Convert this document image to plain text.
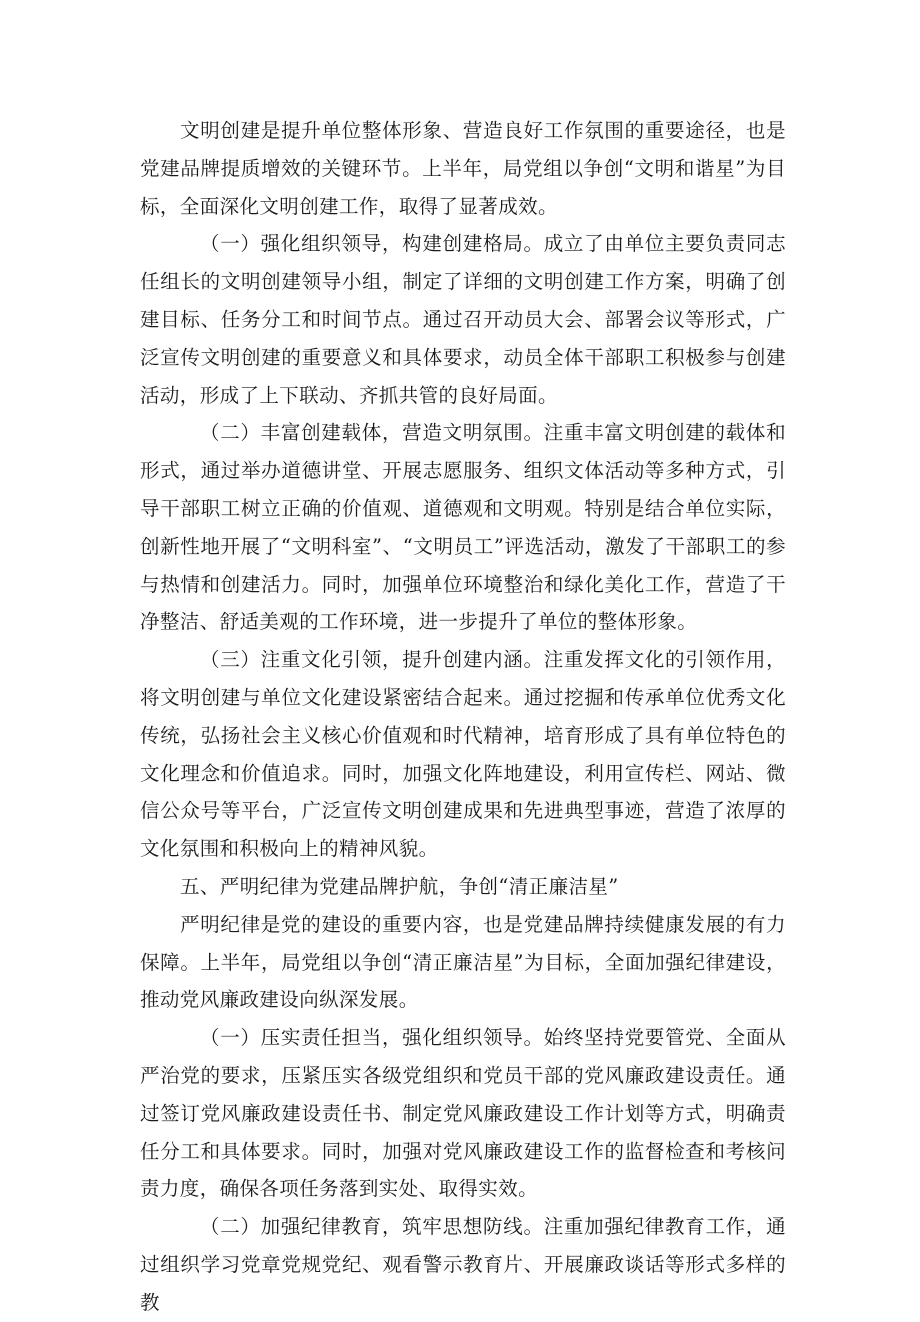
文明创建是提升单位整体形象、营造良好工作氛围的重要途径，也是党建品牌提质增效的关键环节。上半年，局党组以争创“文明和谐星”为目标，全面深化文明创建工作，取得了显著成效。

（一）强化组织领导，构建创建格局。成立了由单位主要负责同志任组长的文明创建领导小组，制定了详细的文明创建工作方案，明确了创建目标、任务分工和时间节点。通过召开动员大会、部署会议等形式，广泛宣传文明创建的重要意义和具体要求，动员全体干部职工积极参与创建活动，形成了上下联动、齐抓共管的良好局面。

（二）丰富创建载体，营造文明氛围。注重丰富文明创建的载体和形式，通过举办道德讲堂、开展志愿服务、组织文体活动等多种方式，引导干部职工树立正确的价值观、道德观和文明观。特别是结合单位实际，创新性地开展了“文明科室”、“文明员工”评选活动，激发了干部职工的参与热情和创建活力。同时，加强单位环境整治和绿化美化工作，营造了干净整洁、舒适美观的工作环境，进一步提升了单位的整体形象。

（三）注重文化引领，提升创建内涵。注重发挥文化的引领作用，将文明创建与单位文化建设紧密结合起来。通过挖掘和传承单位优秀文化传统，弘扬社会主义核心价值观和时代精神，培育形成了具有单位特色的文化理念和价值追求。同时，加强文化阵地建设，利用宣传栏、网站、微信公众号等平台，广泛宣传文明创建成果和先进典型事迹，营造了浓厚的文化氛围和积极向上的精神风貌。

五、严明纪律为党建品牌护航，争创“清正廉洁星”

严明纪律是党的建设的重要内容，也是党建品牌持续健康发展的有力保障。上半年，局党组以争创“清正廉洁星”为目标，全面加强纪律建设，推动党风廉政建设向纵深发展。

（一）压实责任担当，强化组织领导。始终坚持党要管党、全面从严治党的要求，压紧压实各级党组织和党员干部的党风廉政建设责任。通过签订党风廉政建设责任书、制定党风廉政建设工作计划等方式，明确责任分工和具体要求。同时，加强对党风廉政建设工作的监督检查和考核问责力度，确保各项任务落到实处、取得实效。

（二）加强纪律教育，筑牢思想防线。注重加强纪律教育工作，通过组织学习党章党规党纪、观看警示教育片、开展廉政谈话等形式多样的教
